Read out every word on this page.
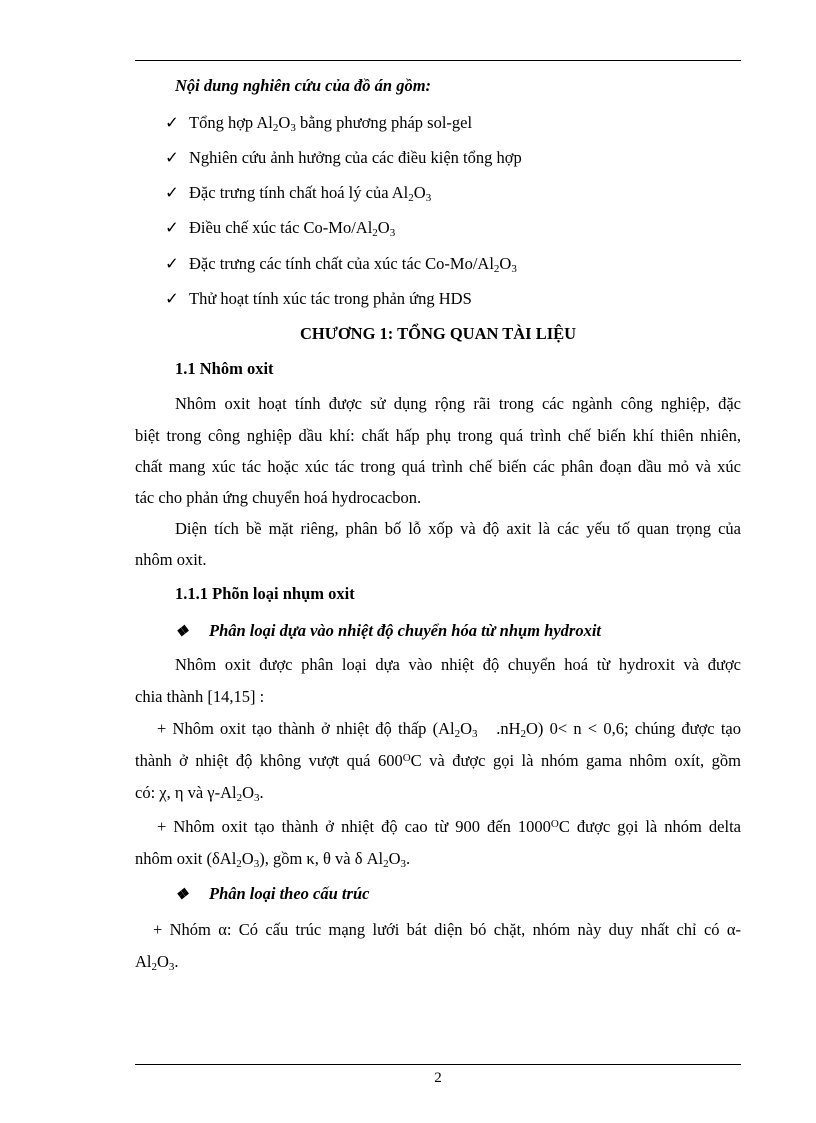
Nội dung nghiên cứu của đồ án gồm:
✓ Tổng hợp $Al_2O_3$ bằng phương pháp sol-gel
✓ Nghiên cứu ảnh hưởng của các điều kiện tổng hợp
✓ Đặc trưng tính chất hoá lý của $Al_2O_3$
✓ Điều chế xúc tác $Co-Mo/Al_2O_3$
✓ Đặc trưng các tính chất của xúc tác $Co-Mo/Al_2O_3$
✓ Thử hoạt tính xúc tác trong phản ứng HDS
CHƯƠNG 1: TỔNG QUAN TÀI LIỆU
1.1 Nhôm oxit
Nhôm oxit hoạt tính được sử dụng rộng rãi trong các ngành công nghiệp, đặc
biệt trong công nghiệp dầu khí: chất hấp phụ trong quá trình chế biến khí thiên nhiên,
chất mang xúc tác hoặc xúc tác trong quá trình chế biến các phân đoạn dầu mỏ và xúc
tác cho phản ứng chuyển hoá hydrocacbon.
Diện tích bề mặt riêng, phân bố lỗ xốp và độ axit là các yếu tố quan trọng của
nhôm oxit.
1.1.1 Phõn loại nhụm oxit
❖ Phân loại dựa vào nhiệt độ chuyển hóa từ nhụm hydroxit
Nhôm oxit được phân loại dựa vào nhiệt độ chuyển hoá từ hydroxit và được
chia thành [14,15] :
+ Nhôm oxit tạo thành ở nhiệt độ thấp ($Al_2O_3$   $.nH_2O$) 0< n < 0,6; chúng được tạo
thành ở nhiệt độ không vượt quá $600^OC$ và được gọi là nhóm gama nhôm oxít, gồm
có: χ, η và $\gamma-Al_2O_3$.
+ Nhôm oxit tạo thành ở nhiệt độ cao từ 900 đến $1000^OC$ được gọi là nhóm delta
nhôm oxit $(\delta Al_2O_3)$, gồm κ, θ và δ $Al_2O_3$.
❖ Phân loại theo cấu trúc
+ Nhóm α: Có cấu trúc mạng lưới bát diện bó chặt, nhóm này duy nhất chỉ có α-
$Al_2O_3$.
2
